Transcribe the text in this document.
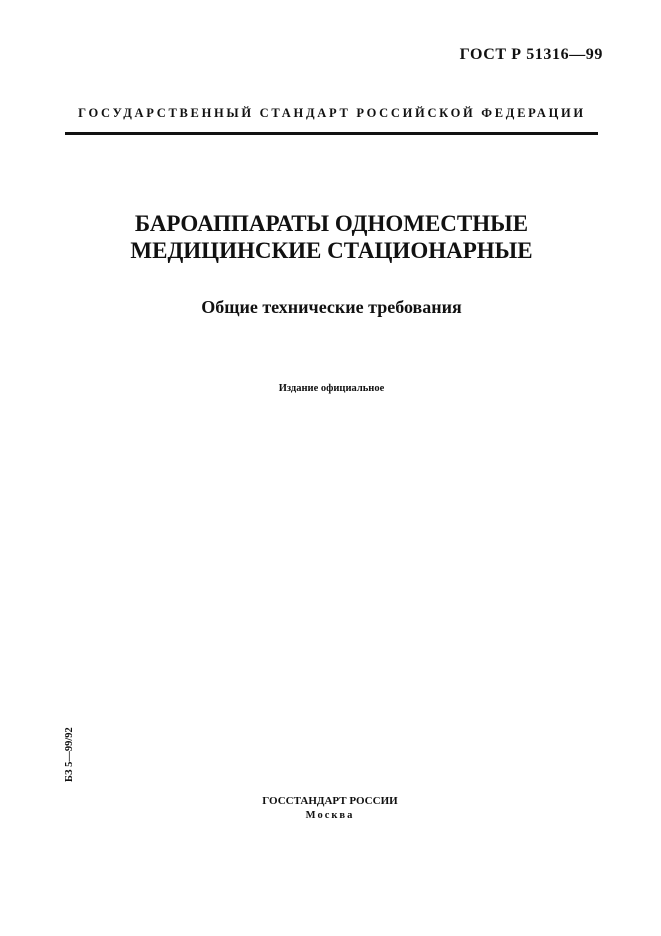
ГОСТ Р 51316—99
ГОСУДАРСТВЕННЫЙ СТАНДАРТ РОССИЙСКОЙ ФЕДЕРАЦИИ
БАРОАППАРАТЫ ОДНОМЕСТНЫЕ
МЕДИЦИНСКИЕ СТАЦИОНАРНЫЕ
Общие технические требования
Издание официальное
БЗ 5—99/92
ГОССТАНДАРТ РОССИИ
Москва
